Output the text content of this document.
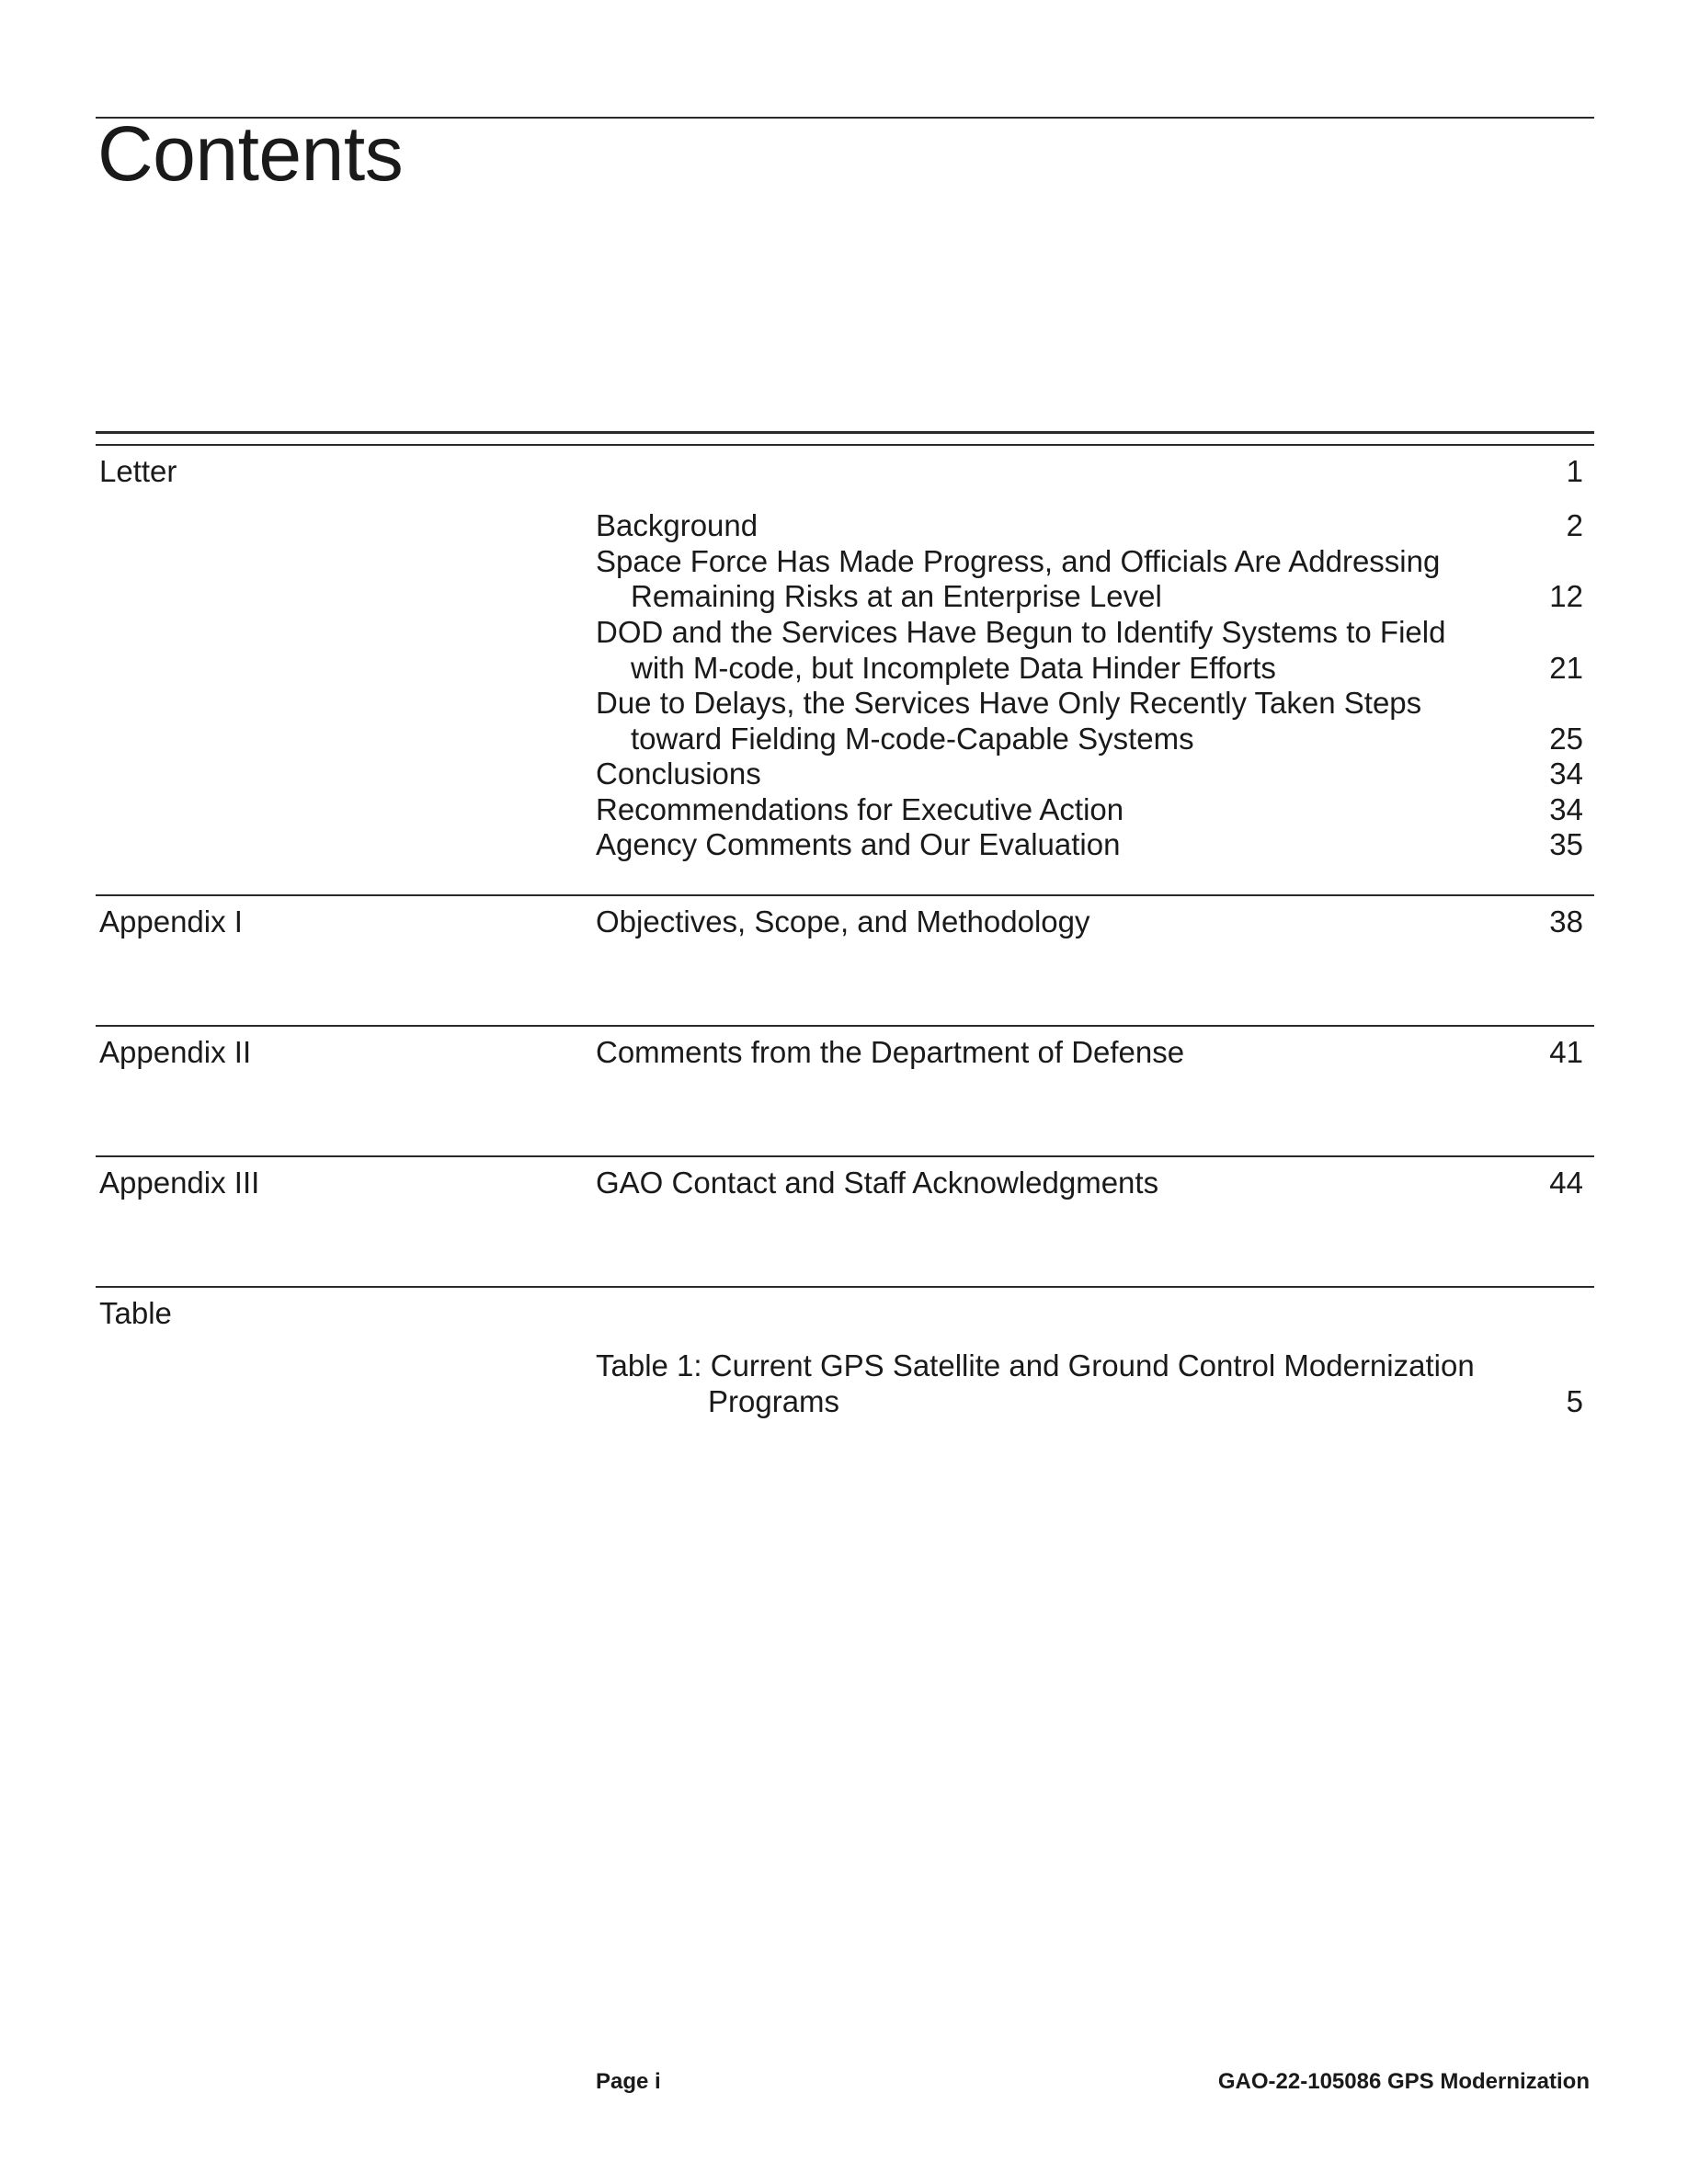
Contents
Letter	1
Background	2
Space Force Has Made Progress, and Officials Are Addressing
Remaining Risks at an Enterprise Level	12
DOD and the Services Have Begun to Identify Systems to Field
with M-code, but Incomplete Data Hinder Efforts	21
Due to Delays, the Services Have Only Recently Taken Steps
toward Fielding M-code-Capable Systems	25
Conclusions	34
Recommendations for Executive Action	34
Agency Comments and Our Evaluation	35
Appendix I	Objectives, Scope, and Methodology	38
Appendix II	Comments from the Department of Defense	41
Appendix III	GAO Contact and Staff Acknowledgments	44
Table
Table 1: Current GPS Satellite and Ground Control Modernization
Programs	5
Page i	GAO-22-105086 GPS Modernization
